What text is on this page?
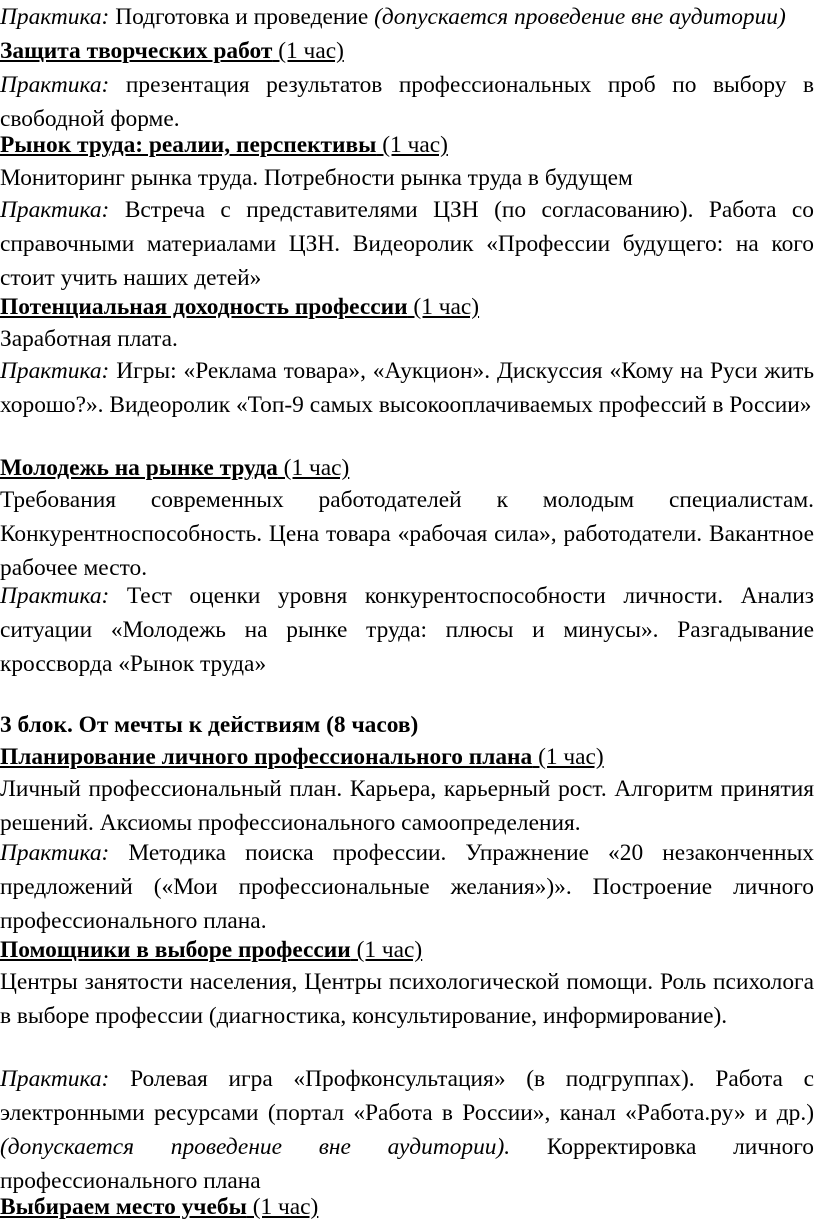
Практика: Подготовка и проведение (допускается проведение вне аудитории)

Защита творческих работ (1 час)

Практика: презентация результатов профессиональных проб по выбору в свободной форме.

Рынок труда: реалии, перспективы (1 час)

Мониторинг рынка труда. Потребности рынка труда в будущем

Практика: Встреча с представителями ЦЗН (по согласованию). Работа со справочными материалами ЦЗН. Видеоролик «Профессии будущего: на кого стоит учить наших детей»

Потенциальная доходность профессии (1 час)

Заработная плата.

Практика: Игры: «Реклама товара», «Аукцион». Дискуссия «Кому на Руси жить хорошо?». Видеоролик «Топ-9 самых высокооплачиваемых профессий в России»

Молодежь на рынке труда (1 час)

Требования современных работодателей к молодым специалистам. Конкурентноспособность. Цена товара «рабочая сила», работодатели. Вакантное рабочее место.

Практика: Тест оценки уровня конкурентоспособности личности. Анализ ситуации «Молодежь на рынке труда: плюсы и минусы». Разгадывание кроссворда «Рынок труда»

3 блок. От мечты к действиям (8 часов)

Планирование личного профессионального плана (1 час)

Личный профессиональный план. Карьера, карьерный рост. Алгоритм принятия решений. Аксиомы профессионального самоопределения.

Практика: Методика поиска профессии. Упражнение «20 незаконченных предложений («Мои профессиональные желания»)». Построение личного профессионального плана.

Помощники в выборе профессии (1 час)

Центры занятости населения, Центры психологической помощи. Роль психолога в выборе профессии (диагностика, консультирование, информирование).

Практика: Ролевая игра «Профконсультация» (в подгруппах). Работа с электронными ресурсами (портал «Работа в России», канал «Работа.ру» и др.) (допускается проведение вне аудитории). Корректировка личного профессионального плана

Выбираем место учебы (1 час)
